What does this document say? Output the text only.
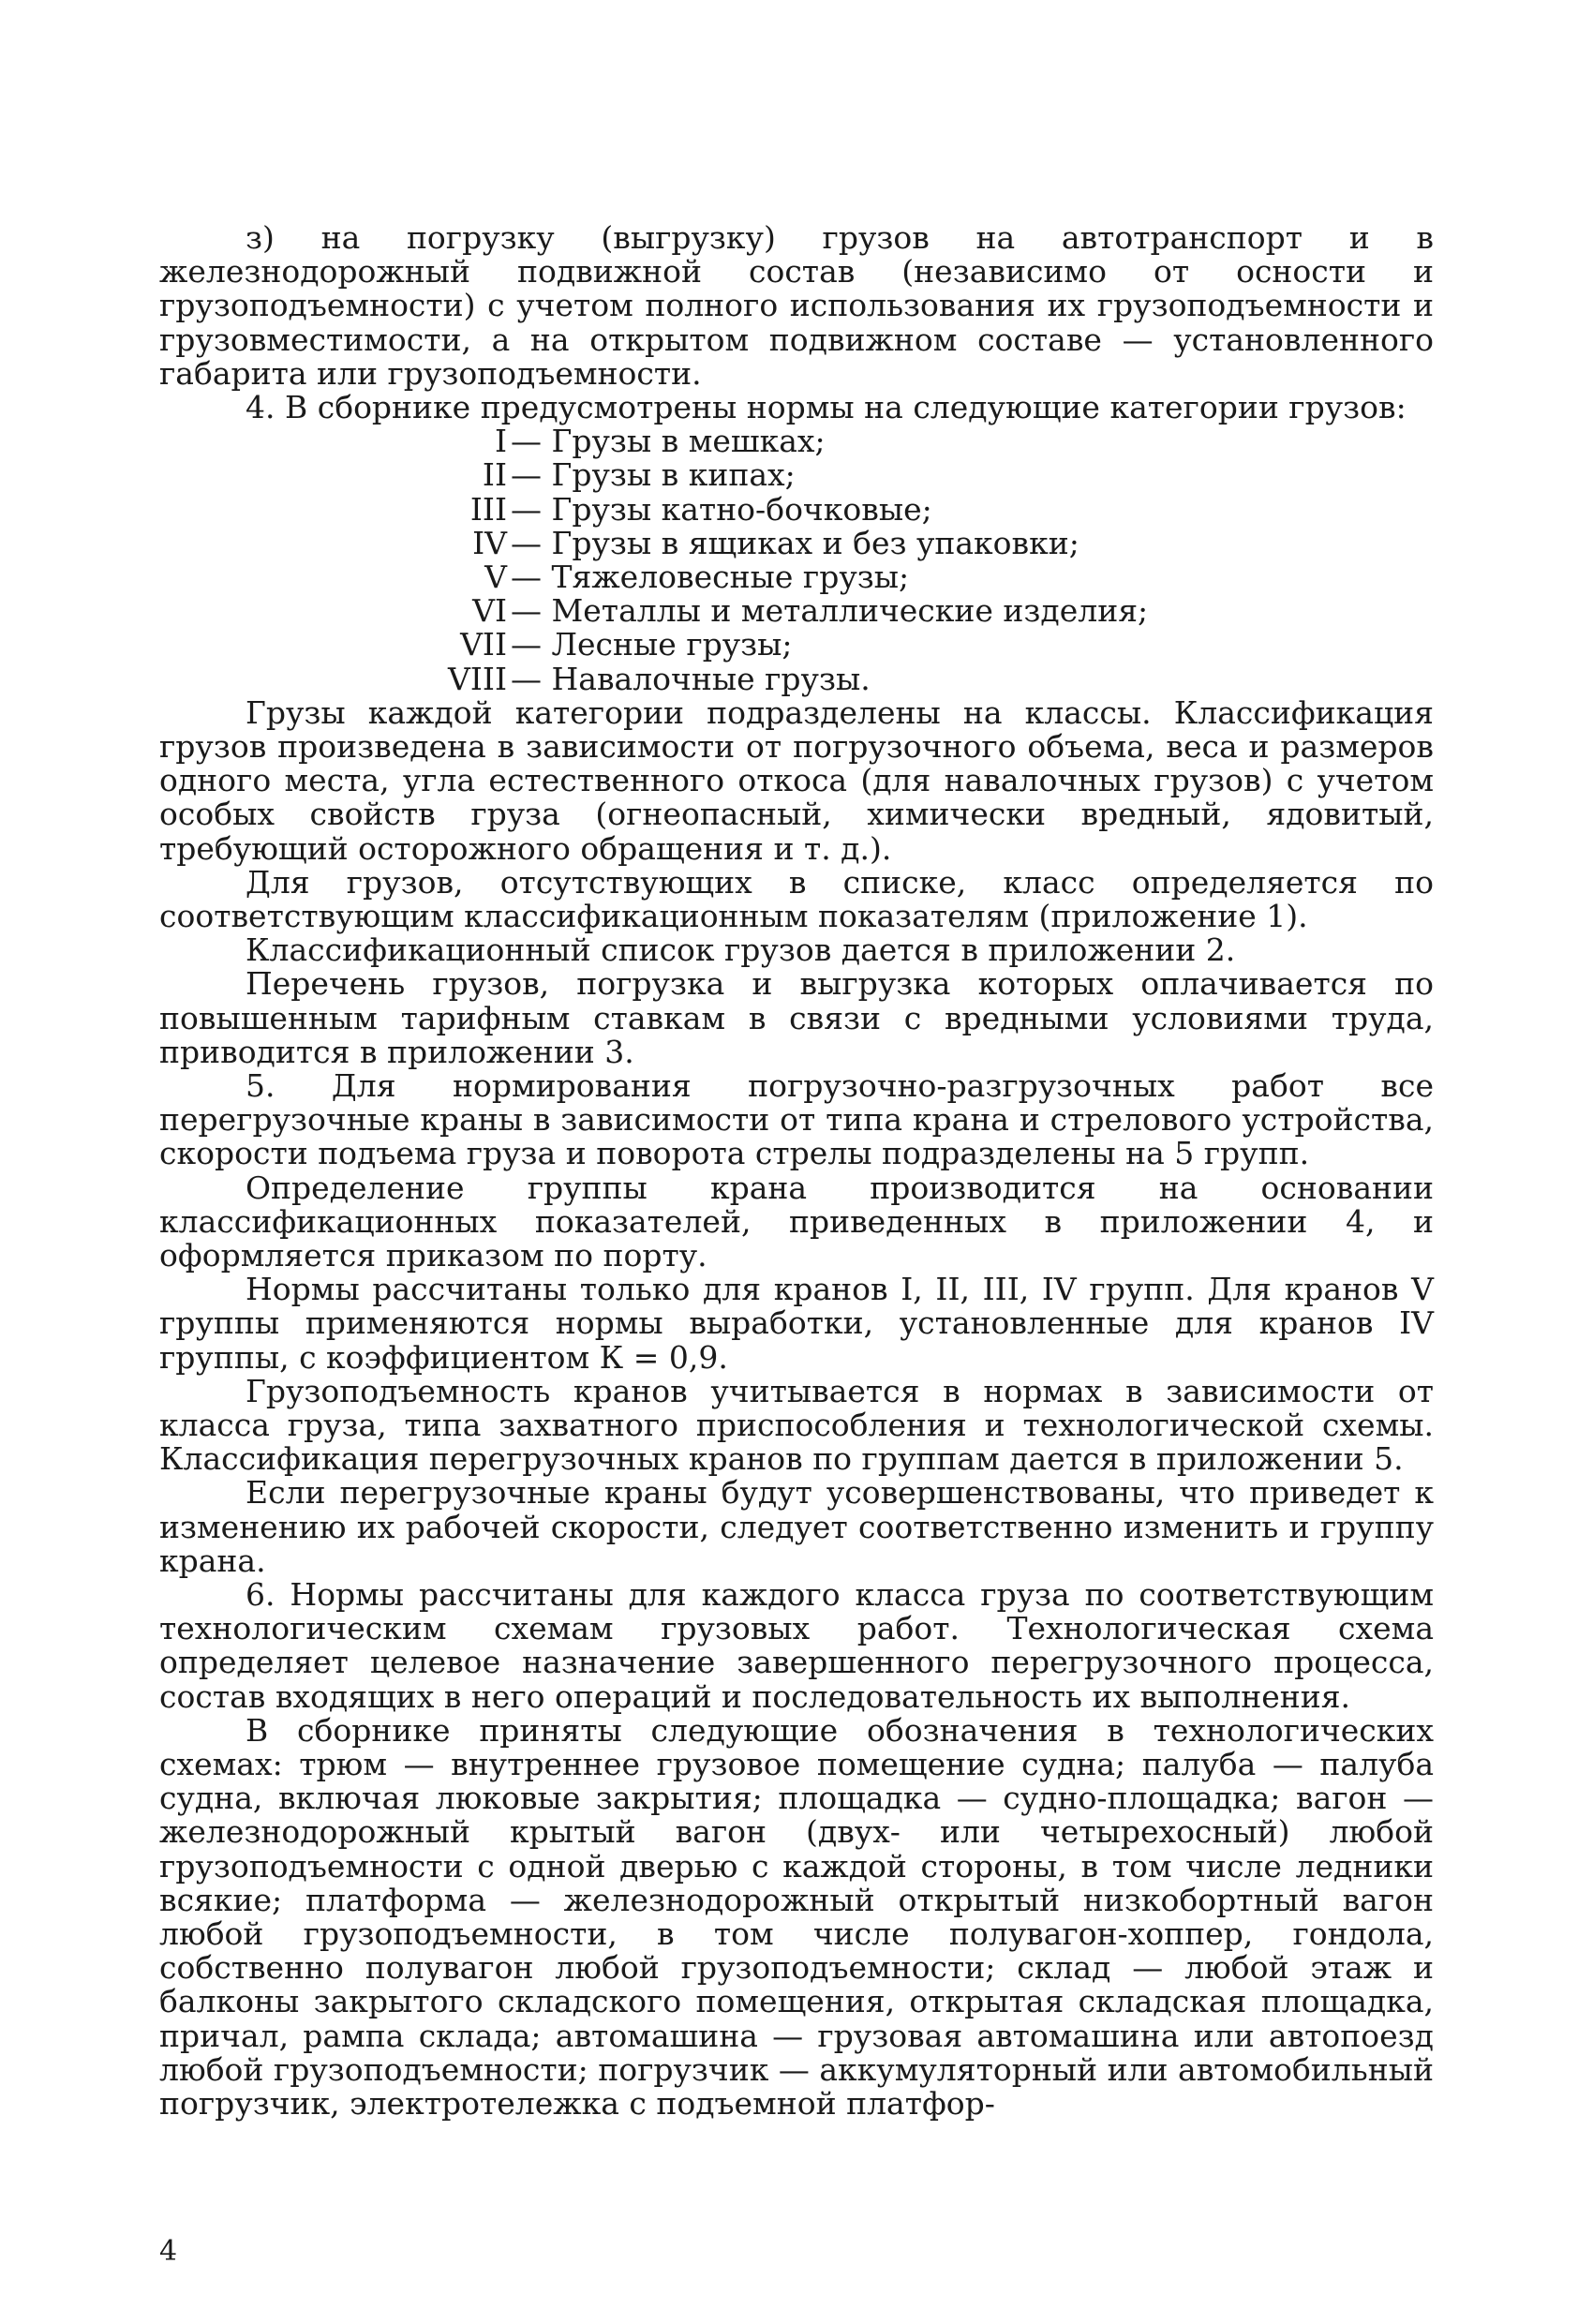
з) на погрузку (выгрузку) грузов на автотранспорт и в железнодорожный подвижной состав (независимо от осности и грузоподъемности) с учетом полного использования их грузоподъемности и грузовместимости, а на открытом подвижном составе — установленного габарита или грузоподъемности.

4. В сборнике предусмотрены нормы на следующие категории грузов:

I — Грузы в мешках;
II — Грузы в кипах;
III — Грузы катно-бочковые;
IV — Грузы в ящиках и без упаковки;
V — Тяжеловесные грузы;
VI — Металлы и металлические изделия;
VII — Лесные грузы;
VIII — Навалочные грузы.

Грузы каждой категории подразделены на классы. Классификация грузов произведена в зависимости от погрузочного объема, веса и размеров одного места, угла естественного откоса (для навалочных грузов) с учетом особых свойств груза (огнеопасный, химически вредный, ядовитый, требующий осторожного обращения и т. д.).

Для грузов, отсутствующих в списке, класс определяется по соответствующим классификационным показателям (приложение 1).

Классификационный список грузов дается в приложении 2.

Перечень грузов, погрузка и выгрузка которых оплачивается по повышенным тарифным ставкам в связи с вредными условиями труда, приводится в приложении 3.

5. Для нормирования погрузочно-разгрузочных работ все перегрузочные краны в зависимости от типа крана и стрелового устройства, скорости подъема груза и поворота стрелы подразделены на 5 групп.

Определение группы крана производится на основании классификационных показателей, приведенных в приложении 4, и оформляется приказом по порту.

Нормы рассчитаны только для кранов I, II, III, IV групп. Для кранов V группы применяются нормы выработки, установленные для кранов IV группы, с коэффициентом К = 0,9.

Грузоподъемность кранов учитывается в нормах в зависимости от класса груза, типа захватного приспособления и технологической схемы. Классификация перегрузочных кранов по группам дается в приложении 5.

Если перегрузочные краны будут усовершенствованы, что приведет к изменению их рабочей скорости, следует соответственно изменить и группу крана.

6. Нормы рассчитаны для каждого класса груза по соответствующим технологическим схемам грузовых работ. Технологическая схема определяет целевое назначение завершенного перегрузочного процесса, состав входящих в него операций и последовательность их выполнения.

В сборнике приняты следующие обозначения в технологических схемах: трюм — внутреннее грузовое помещение судна; палуба — палуба судна, включая люковые закрытия; площадка — судно-площадка; вагон — железнодорожный крытый вагон (двух- или четырехосный) любой грузоподъемности с одной дверью с каждой стороны, в том числе ледники всякие; платформа — железнодорожный открытый низкобортный вагон любой грузоподъемности, в том числе полувагон-хоппер, гондола, собственно полувагон любой грузоподъемности; склад — любой этаж и балконы закрытого складского помещения, открытая складская площадка, причал, рампа склада; автомашина — грузовая автомашина или автопоезд любой грузоподъемности; погрузчик — аккумуляторный или автомобильный погрузчик, электротележка с подъемной платфор-

4
